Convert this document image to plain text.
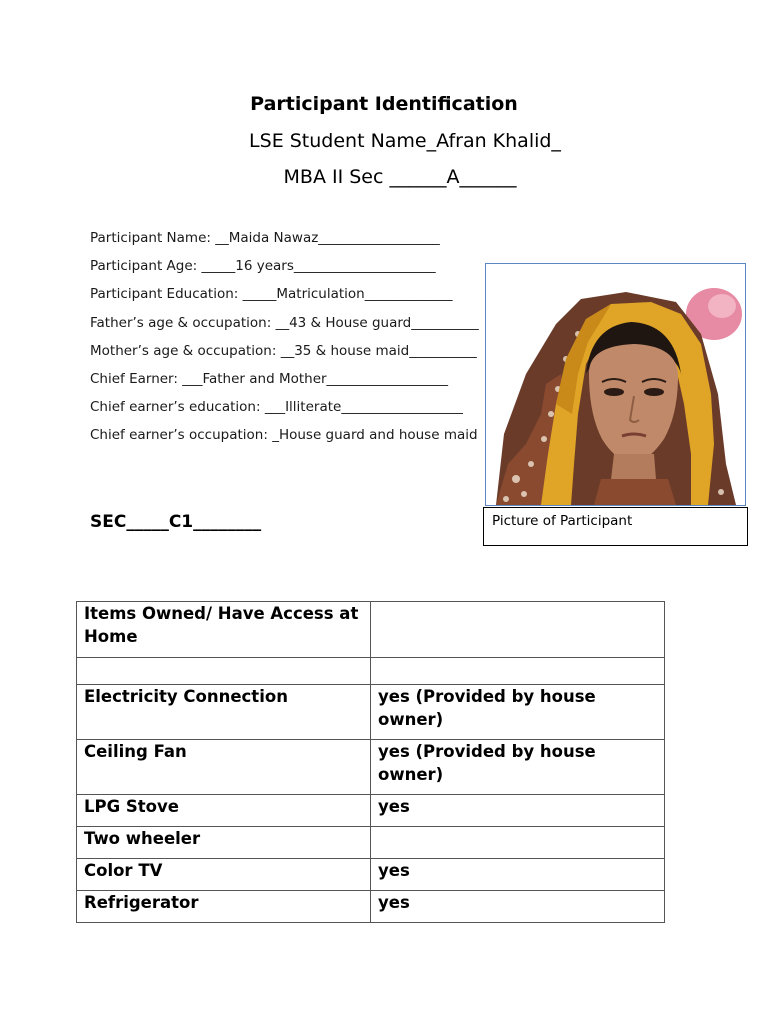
Participant Identification
LSE Student Name_Afran Khalid_
MBA II Sec ______A______
Participant Name: __Maida Nawaz__________________
Participant Age: _____16 years_____________________
Participant Education: _____Matriculation_____________
Father’s age & occupation: __43 & House guard__________
Mother’s age & occupation: __35 & house maid__________
Chief Earner: ___Father and Mother__________________
Chief earner’s education: ___Illiterate__________________
Chief earner’s occupation: _House guard and house maid
Picture of Participant
SEC_____C1________
Items Owned/ Have Access at Home	

Electricity Connection	yes (Provided by house owner)
Ceiling Fan	yes (Provided by house owner)
LPG Stove	yes
Two wheeler	
Color TV	yes
Refrigerator	yes
